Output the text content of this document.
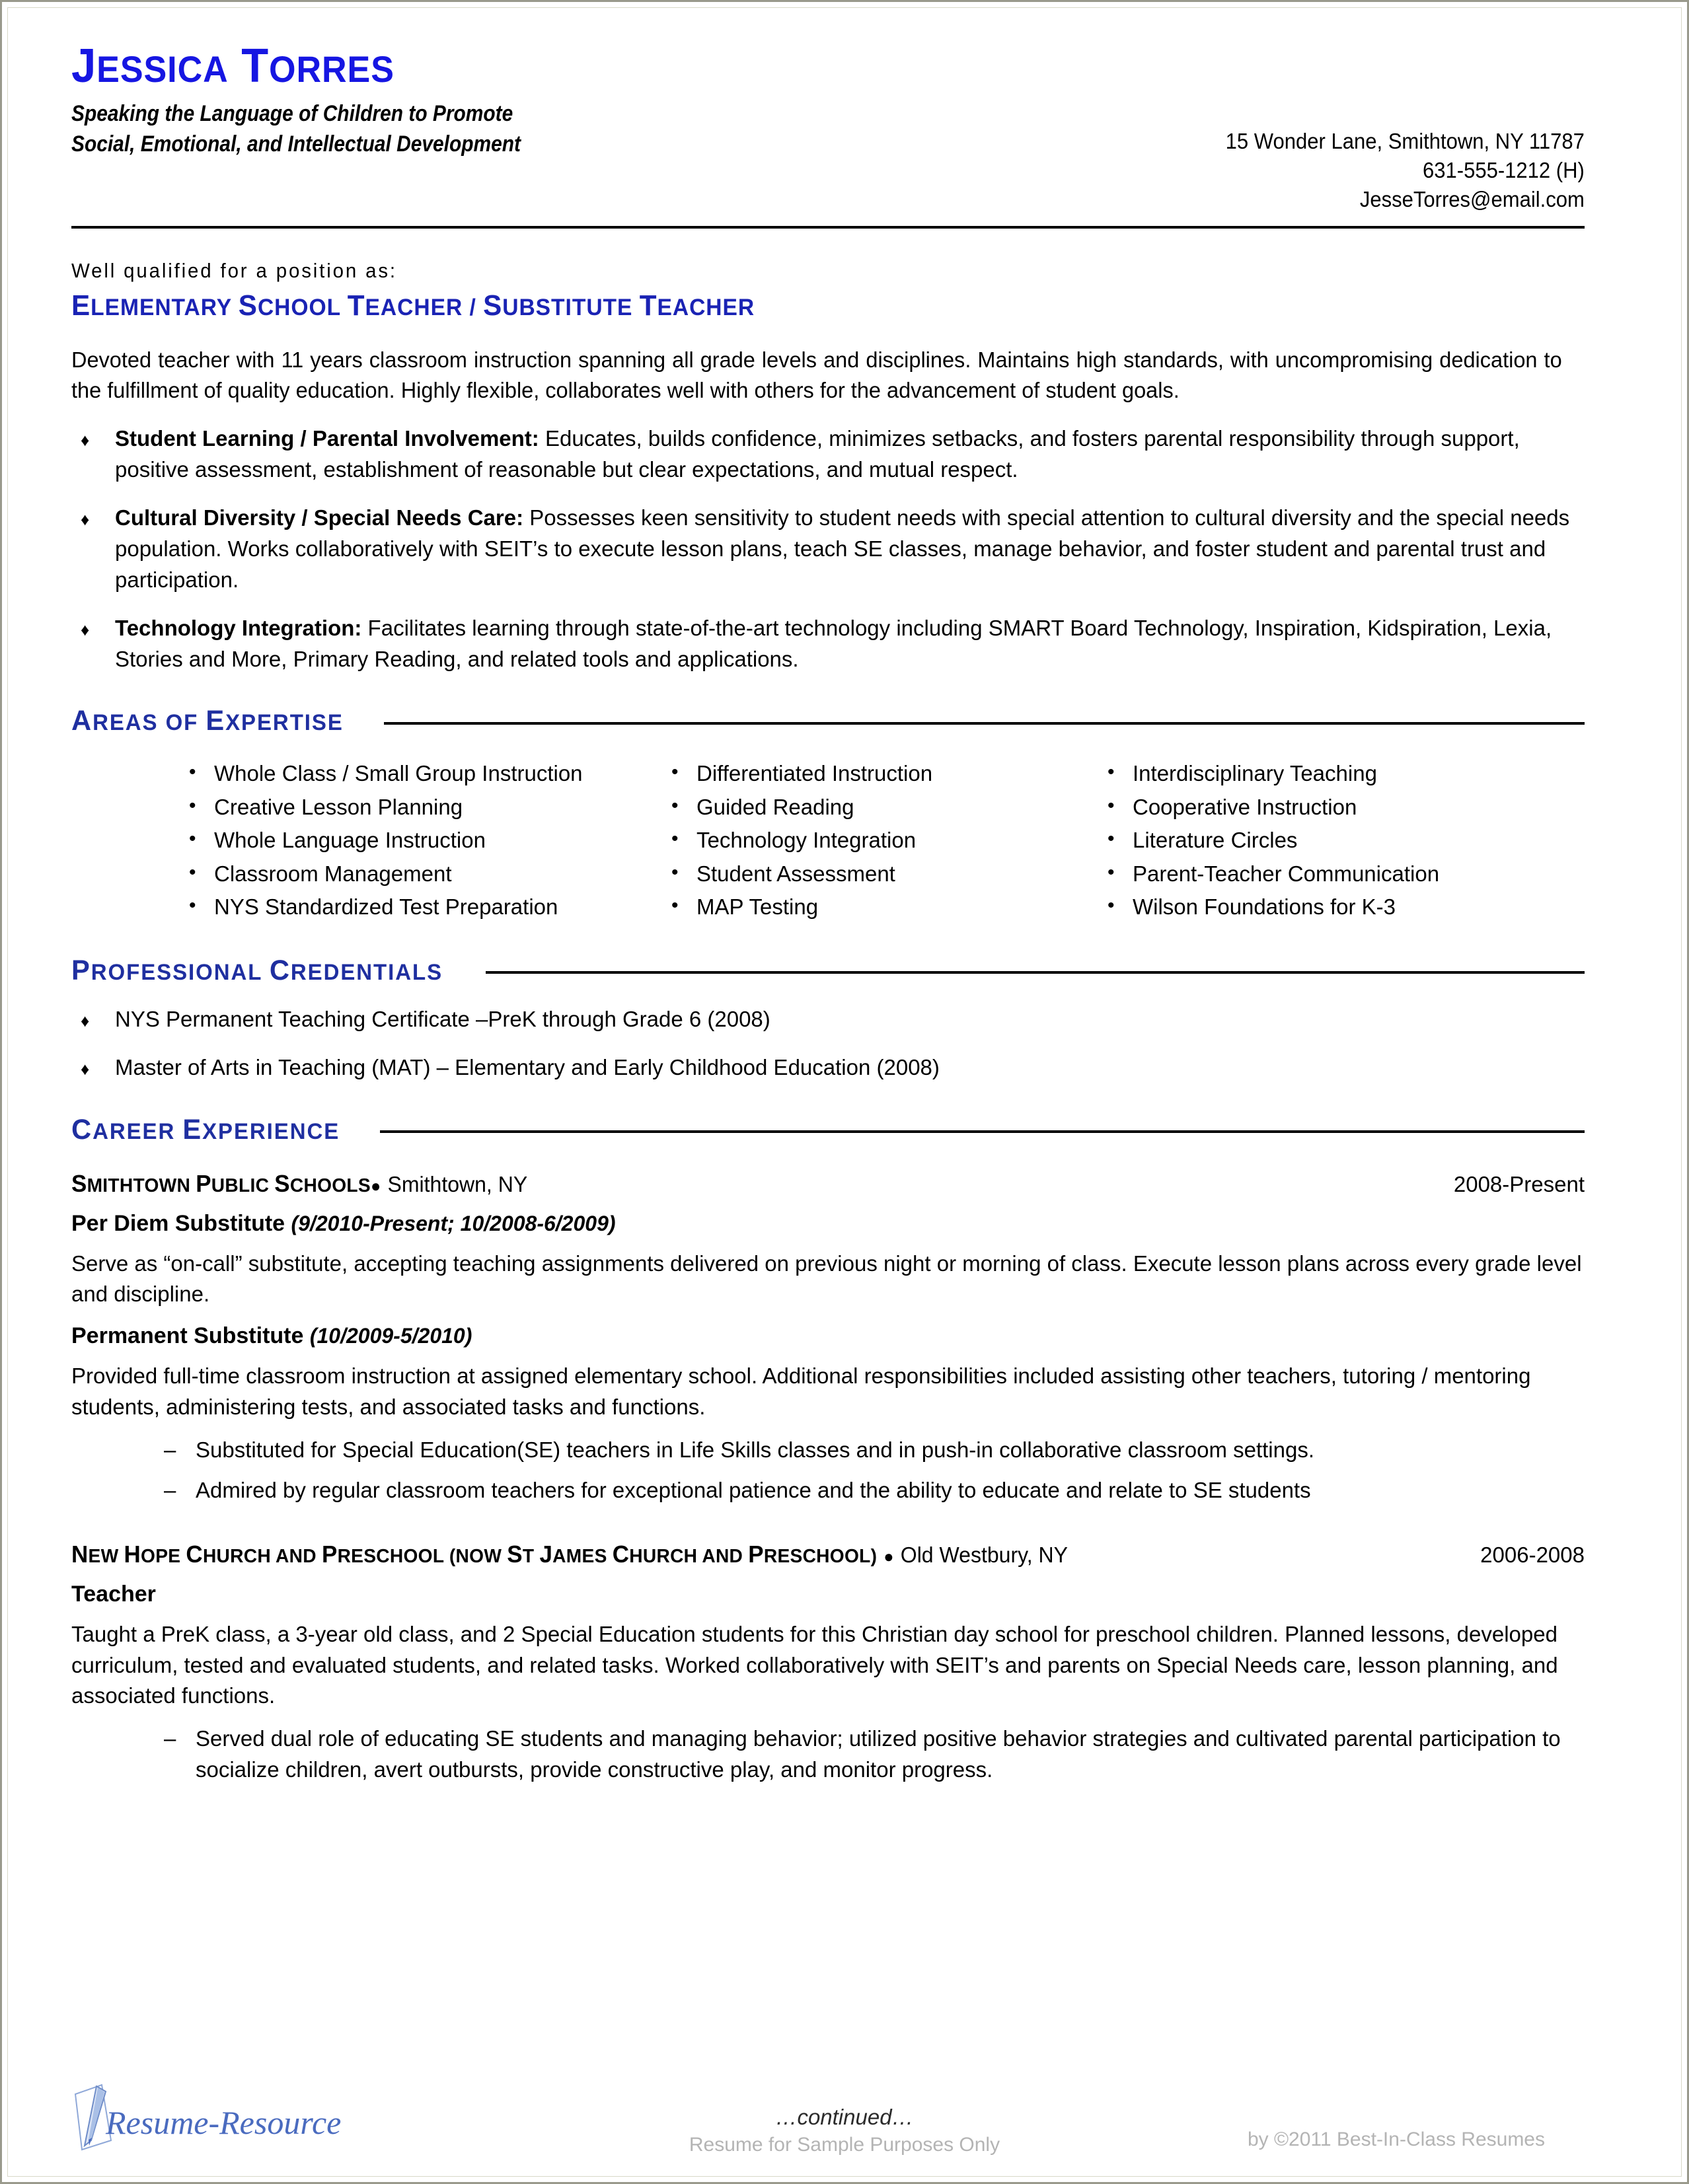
JESSICA TORRES
Speaking the Language of Children to Promote
Social, Emotional, and Intellectual Development	15 Wonder Lane, Smithtown, NY 11787
631-555-1212 (H)
JesseTorres@email.com
Well qualified for a position as:
ELEMENTARY SCHOOL TEACHER / SUBSTITUTE TEACHER
Devoted teacher with 11 years classroom instruction spanning all grade levels and disciplines. Maintains high standards, with uncompromising dedication to the fulfillment of quality education. Highly flexible, collaborates well with others for the advancement of student goals.
♦ Student Learning / Parental Involvement: Educates, builds confidence, minimizes setbacks, and fosters parental responsibility through support, positive assessment, establishment of reasonable but clear expectations, and mutual respect.
♦ Cultural Diversity / Special Needs Care: Possesses keen sensitivity to student needs with special attention to cultural diversity and the special needs population. Works collaboratively with SEIT’s to execute lesson plans, teach SE classes, manage behavior, and foster student and parental trust and participation.
♦ Technology Integration: Facilitates learning through state-of-the-art technology including SMART Board Technology, Inspiration, Kidspiration, Lexia, Stories and More, Primary Reading, and related tools and applications.
AREAS OF EXPERTISE
• Whole Class / Small Group Instruction
• Creative Lesson Planning
• Whole Language Instruction
• Classroom Management
• NYS Standardized Test Preparation
• Differentiated Instruction
• Guided Reading
• Technology Integration
• Student Assessment
• MAP Testing
• Interdisciplinary Teaching
• Cooperative Instruction
• Literature Circles
• Parent-Teacher Communication
• Wilson Foundations for K-3
PROFESSIONAL CREDENTIALS
♦ NYS Permanent Teaching Certificate –PreK through Grade 6 (2008)
♦ Master of Arts in Teaching (MAT) – Elementary and Early Childhood Education (2008)
CAREER EXPERIENCE
SMITHTOWN PUBLIC SCHOOLS● Smithtown, NY	2008-Present
Per Diem Substitute (9/2010-Present; 10/2008-6/2009)
Serve as “on-call” substitute, accepting teaching assignments delivered on previous night or morning of class. Execute lesson plans across every grade level and discipline.
Permanent Substitute (10/2009-5/2010)
Provided full-time classroom instruction at assigned elementary school. Additional responsibilities included assisting other teachers, tutoring / mentoring students, administering tests, and associated tasks and functions.
– Substituted for Special Education(SE) teachers in Life Skills classes and in push-in collaborative classroom settings.
– Admired by regular classroom teachers for exceptional patience and the ability to educate and relate to SE students
NEW HOPE CHURCH AND PRESCHOOL (NOW ST JAMES CHURCH AND PRESCHOOL) ● Old Westbury, NY	2006-2008
Teacher
Taught a PreK class, a 3-year old class, and 2 Special Education students for this Christian day school for preschool children. Planned lessons, developed curriculum, tested and evaluated students, and related tasks. Worked collaboratively with SEIT’s and parents on Special Needs care, lesson planning, and associated functions.
– Served dual role of educating SE students and managing behavior; utilized positive behavior strategies and cultivated parental participation to socialize children, avert outbursts, provide constructive play, and monitor progress.
Resume-Resource	…continued…
Resume for Sample Purposes Only	by ©2011 Best-In-Class Resumes
